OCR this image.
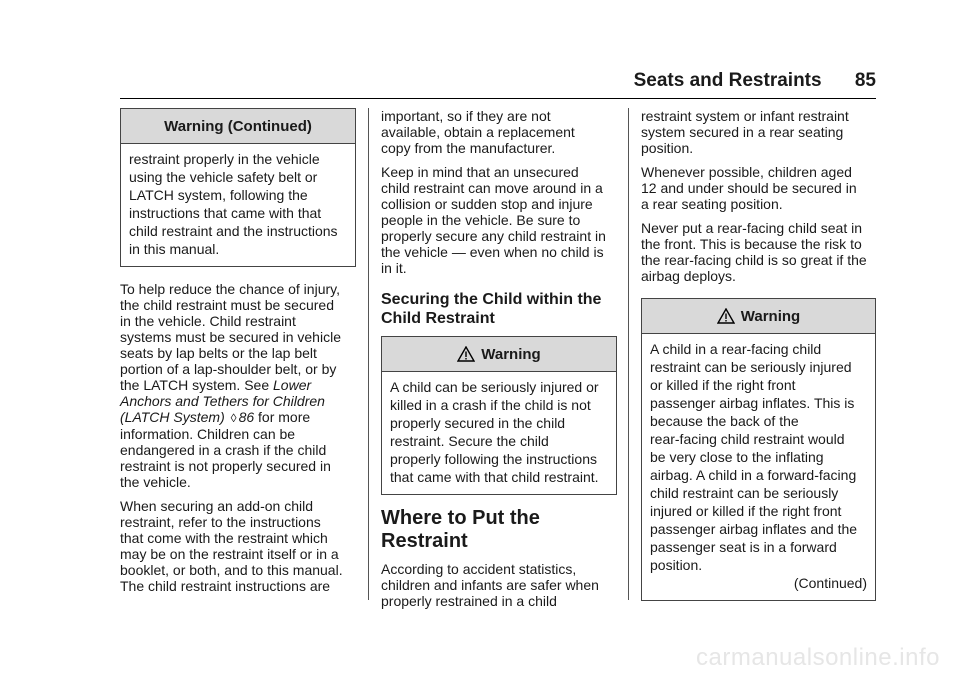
Seats and Restraints 85
Warning (Continued)
restraint properly in the vehicle
using the vehicle safety belt or
LATCH system, following the
instructions that came with that
child restraint and the instructions
in this manual.

To help reduce the chance of injury,
the child restraint must be secured
in the vehicle. Child restraint
systems must be secured in vehicle
seats by lap belts or the lap belt
portion of a lap-shoulder belt, or by
the LATCH system. See Lower
Anchors and Tethers for Children
(LATCH System) ◊ 86 for more
information. Children can be
endangered in a crash if the child
restraint is not properly secured in
the vehicle.

When securing an add-on child
restraint, refer to the instructions
that come with the restraint which
may be on the restraint itself or in a
booklet, or both, and to this manual.
The child restraint instructions are

important, so if they are not
available, obtain a replacement
copy from the manufacturer.

Keep in mind that an unsecured
child restraint can move around in a
collision or sudden stop and injure
people in the vehicle. Be sure to
properly secure any child restraint in
the vehicle — even when no child is
in it.

Securing the Child within the
Child Restraint
Warning
A child can be seriously injured or
killed in a crash if the child is not
properly secured in the child
restraint. Secure the child
properly following the instructions
that came with that child restraint.
Where to Put the
Restraint

According to accident statistics,
children and infants are safer when
properly restrained in a child

restraint system or infant restraint
system secured in a rear seating
position.

Whenever possible, children aged
12 and under should be secured in
a rear seating position.

Never put a rear-facing child seat in
the front. This is because the risk to
the rear-facing child is so great if the
airbag deploys.

Warning
A child in a rear-facing child
restraint can be seriously injured
or killed if the right front
passenger airbag inflates. This is
because the back of the
rear-facing child restraint would
be very close to the inflating
airbag. A child in a forward-facing
child restraint can be seriously
injured or killed if the right front
passenger airbag inflates and the
passenger seat is in a forward
position.
(Continued)
carmanualsonline.info
